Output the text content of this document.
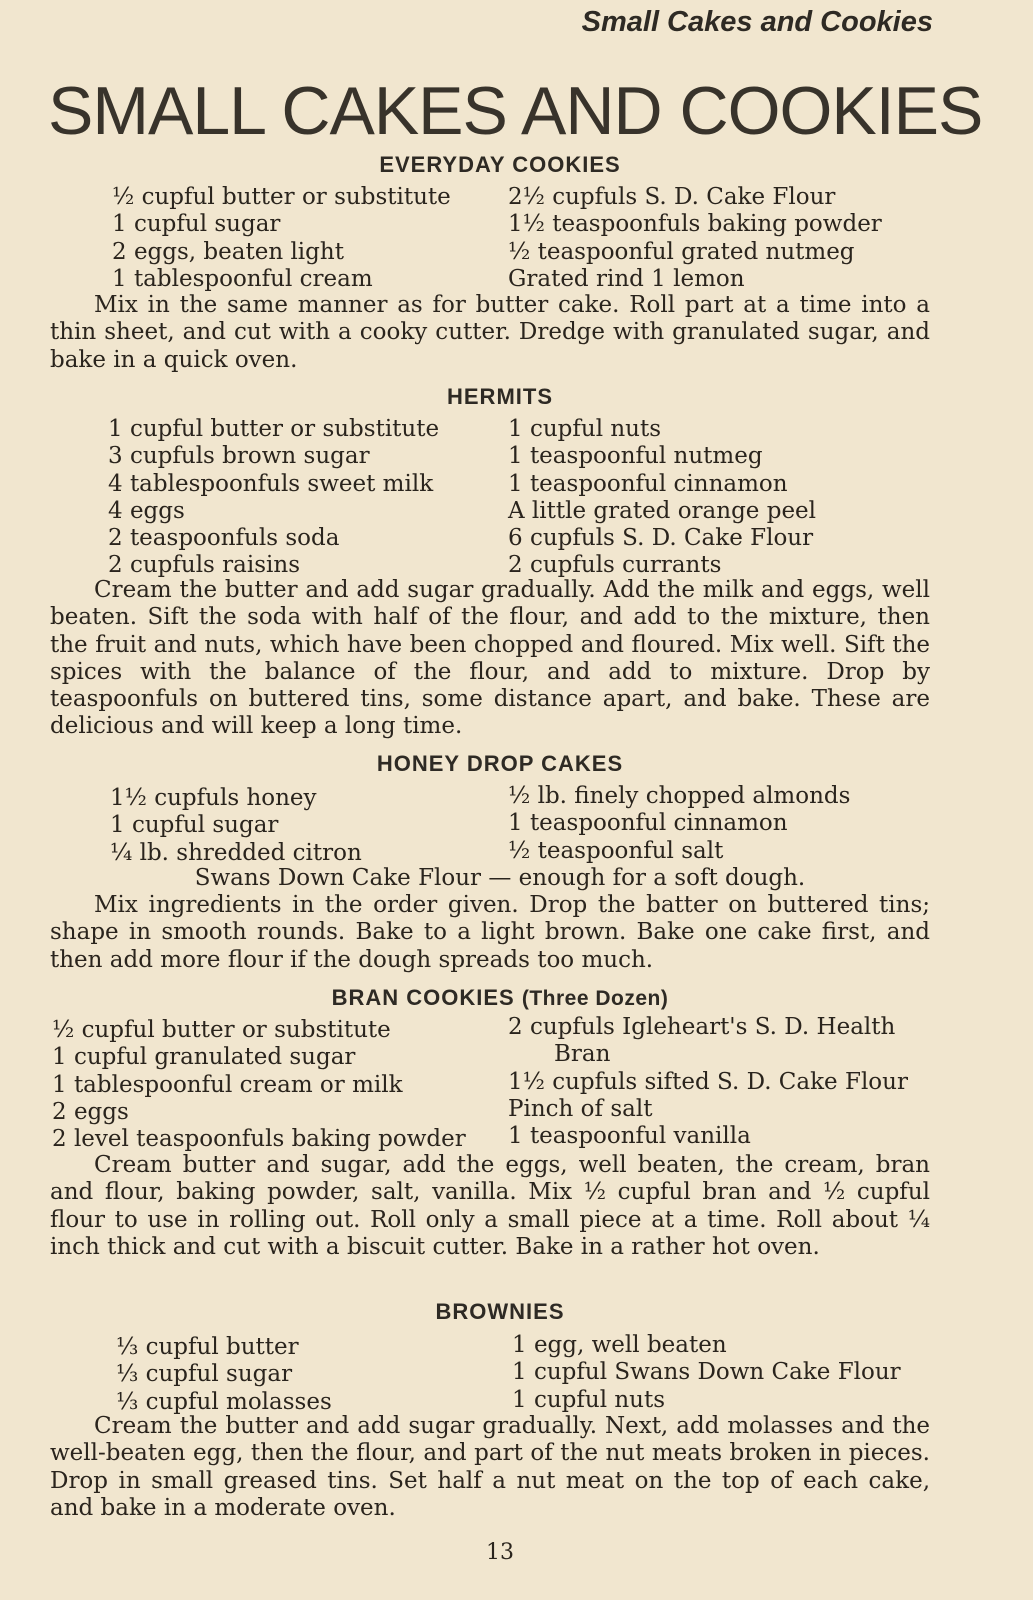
Small Cakes and Cookies
SMALL CAKES AND COOKIES
EVERYDAY COOKIES
½ cupful butter or substitute
1 cupful sugar
2 eggs, beaten light
1 tablespoonful cream
2½ cupfuls S. D. Cake Flour
1½ teaspoonfuls baking powder
½ teaspoonful grated nutmeg
Grated rind 1 lemon
Mix in the same manner as for butter cake. Roll part at a time into a thin sheet, and cut with a cooky cutter. Dredge with granulated sugar, and bake in a quick oven.
HERMITS
1 cupful butter or substitute
3 cupfuls brown sugar
4 tablespoonfuls sweet milk
4 eggs
2 teaspoonfuls soda
2 cupfuls raisins
1 cupful nuts
1 teaspoonful nutmeg
1 teaspoonful cinnamon
A little grated orange peel
6 cupfuls S. D. Cake Flour
2 cupfuls currants
Cream the butter and add sugar gradually. Add the milk and eggs, well beaten. Sift the soda with half of the flour, and add to the mixture, then the fruit and nuts, which have been chopped and floured. Mix well. Sift the spices with the balance of the flour, and add to mixture. Drop by teaspoonfuls on buttered tins, some distance apart, and bake. These are delicious and will keep a long time.
HONEY DROP CAKES
1½ cupfuls honey
1 cupful sugar
¼ lb. shredded citron
½ lb. finely chopped almonds
1 teaspoonful cinnamon
½ teaspoonful salt
Swans Down Cake Flour — enough for a soft dough.
Mix ingredients in the order given. Drop the batter on buttered tins; shape in smooth rounds. Bake to a light brown. Bake one cake first, and then add more flour if the dough spreads too much.
BRAN COOKIES (Three Dozen)
½ cupful butter or substitute
1 cupful granulated sugar
1 tablespoonful cream or milk
2 eggs
2 level teaspoonfuls baking powder
2 cupfuls Igleheart's S. D. Health
Bran
1½ cupfuls sifted S. D. Cake Flour
Pinch of salt
1 teaspoonful vanilla
Cream butter and sugar, add the eggs, well beaten, the cream, bran and flour, baking powder, salt, vanilla. Mix ½ cupful bran and ½ cupful flour to use in rolling out. Roll only a small piece at a time. Roll about ¼ inch thick and cut with a biscuit cutter. Bake in a rather hot oven.
BROWNIES
⅓ cupful butter
⅓ cupful sugar
⅓ cupful molasses
1 egg, well beaten
1 cupful Swans Down Cake Flour
1 cupful nuts
Cream the butter and add sugar gradually. Next, add molasses and the well-beaten egg, then the flour, and part of the nut meats broken in pieces. Drop in small greased tins. Set half a nut meat on the top of each cake, and bake in a moderate oven.
13
